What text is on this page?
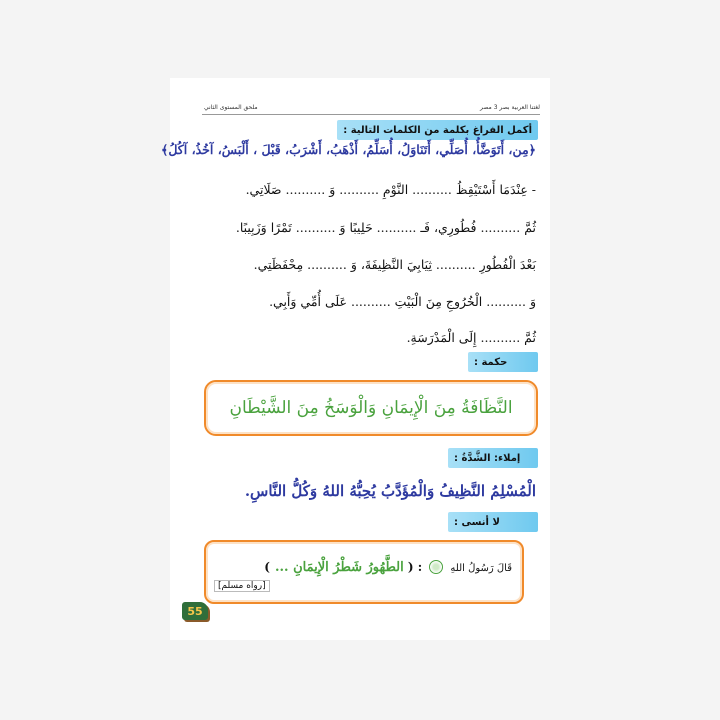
لغتنا العربية بصر 3 مصر
ملحق المستوى الثاني
أكمل الفراغ بكلمة من الكلمات التالية :
﴿مِن، أَتَوَضَّأُ، أُصَلِّي، أَتَنَاوَلُ، أُسَلِّمُ، أَذْهَبُ، أَشْرَبُ، قَبْلَ ، أَلْبَسُ، آخُذُ، آكُلُ﴾
- عِنْدَمَا أَسْتَيْقِظُ .......... النَّوْمِ .......... وَ .......... صَلَاتِي.
ثُمَّ .......... فُطُورِي، فَـ .......... حَلِيبًا وَ .......... تَمْرًا وَزَبِيبًا.
بَعْدَ الْفُطُورِ .......... ثِيَابِيَ النَّظِيفَةَ، وَ .......... مِحْفَظَتِي.
وَ .......... الْخُرُوجِ مِنَ الْبَيْتِ .......... عَلَى أُمِّي وَأَبِي.
ثُمَّ .......... إِلَى الْمَدْرَسَةِ.
حكمة :
النَّظَافَةُ مِنَ الْإِيمَانِ وَالْوَسَخُ مِنَ الشَّيْطَانِ
إملاء: الشَّدَّةُ :
الْمُسْلِمُ النَّظِيفُ وَالْمُؤَدَّبُ يُحِبُّهُ اللهُ وَكُلُّ النَّاسِ.
لا أنسى :
قَالَ رَسُولُ اللهِ  : ( الطَّهُورُ شَطْرُ الْإِيمَانِ ... )
[رواه مسلم]
55
